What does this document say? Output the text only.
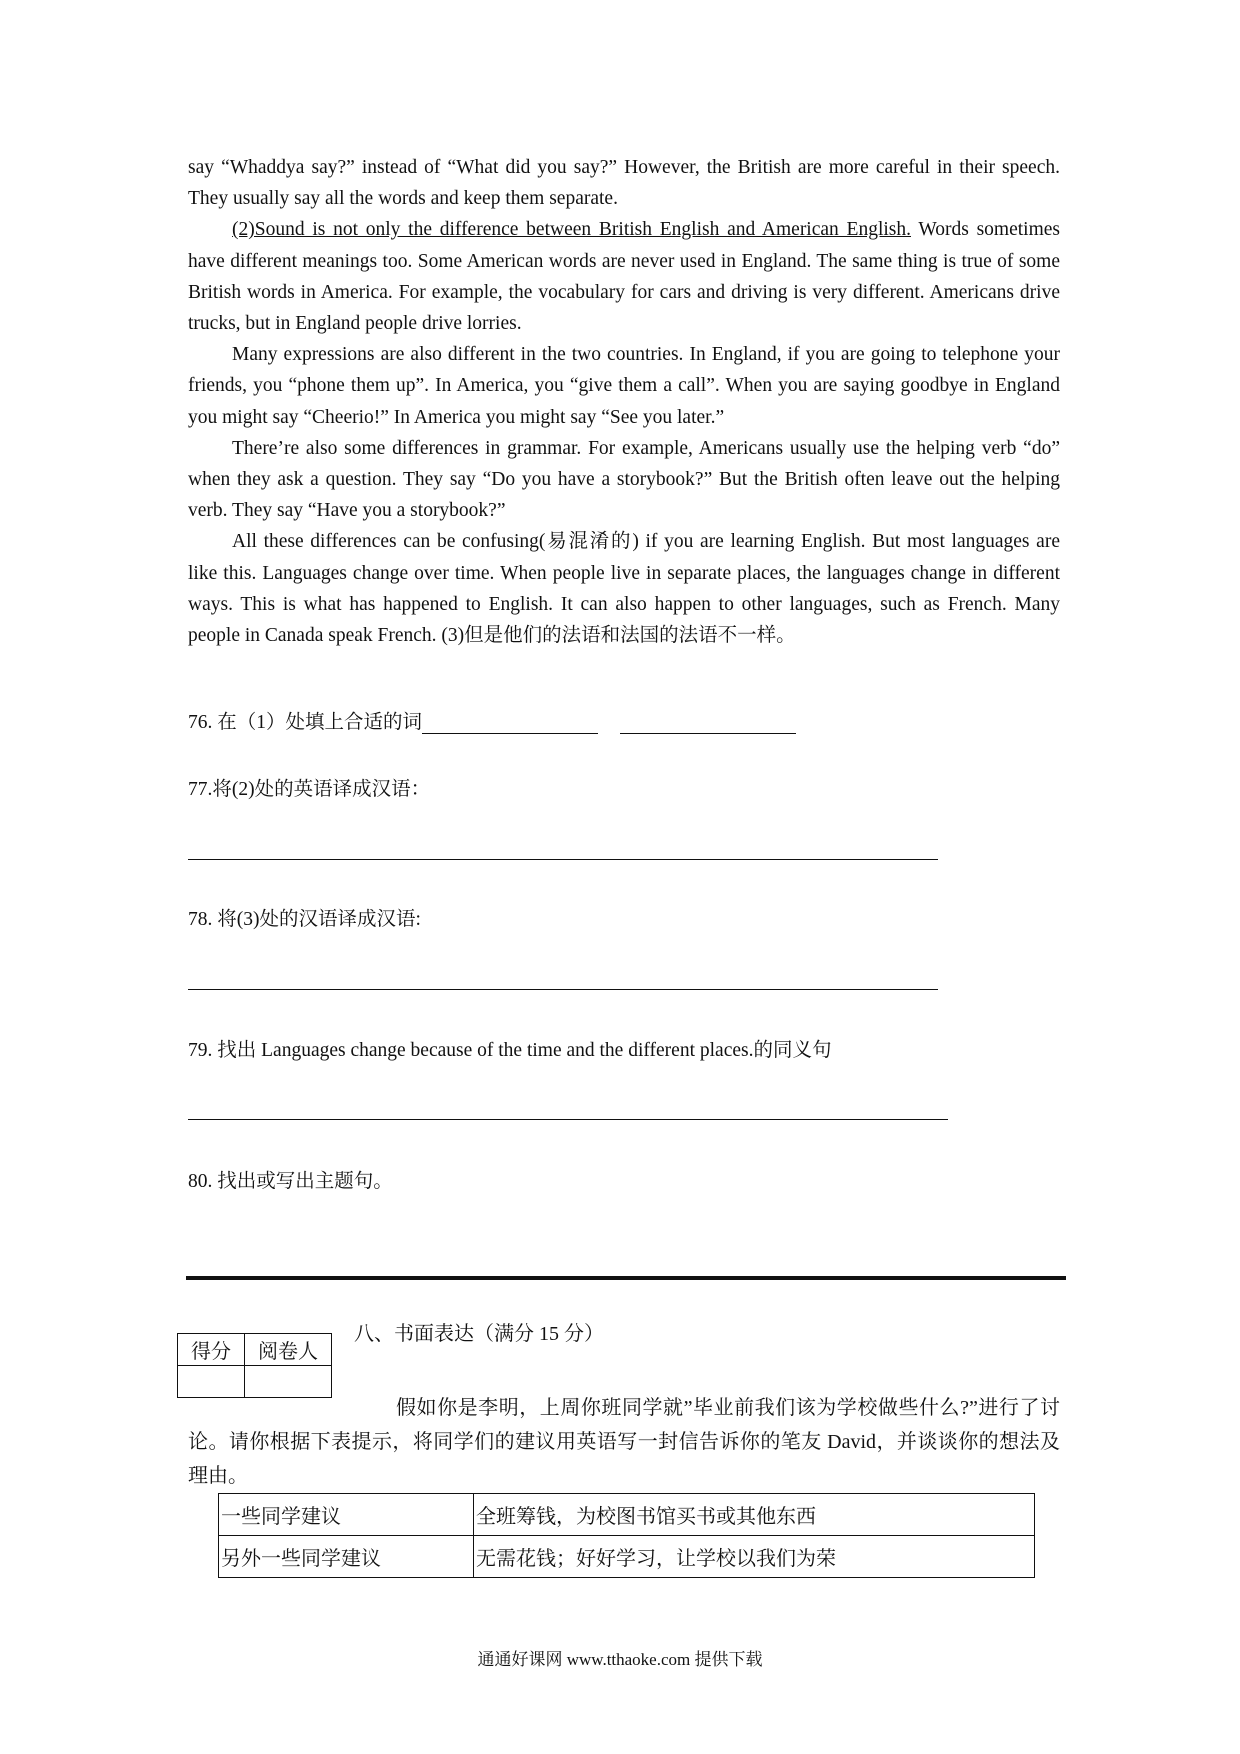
say “Whaddya say?” instead of “What did you say?” However, the British are more careful in their speech. They usually say all the words and keep them separate.

(2)Sound is not only the difference between British English and American English. Words sometimes have different meanings too. Some American words are never used in England. The same thing is true of some British words in America. For example, the vocabulary for cars and driving is very different. Americans drive trucks, but in England people drive lorries.

Many expressions are also different in the two countries. In England, if you are going to telephone your friends, you “phone them up”. In America, you “give them a call”. When you are saying goodbye in England you might say “Cheerio!” In America you might say “See you later.”

There’re also some differences in grammar. For example, Americans usually use the helping verb “do” when they ask a question. They say “Do you have a storybook?” But the British often leave out the helping verb. They say “Have you a storybook?”

All these differences can be confusing(易混淆的) if you are learning English. But most languages are like this. Languages change over time. When people live in separate places, the languages change in different ways. This is what has happened to English. It can also happen to other languages, such as French. Many people in Canada speak French. (3)但是他们的法语和法国的法语不一样。

76. 在（1）处填上合适的词
77.将(2)处的英语译成汉语：
78. 将(3)处的汉语译成汉语:
79. 找出 Languages change because of the time and the different places.的同义句
80. 找出或写出主题句。
得分	阅卷人

八、书面表达（满分 15 分）

假如你是李明，上周你班同学就”毕业前我们该为学校做些什么?”进行了讨论。请你根据下表提示，将同学们的建议用英语写一封信告诉你的笔友 David，并谈谈你的想法及理由。

一些同学建议	全班筹钱，为校图书馆买书或其他东西
另外一些同学建议	无需花钱；好好学习，让学校以我们为荣
通通好课网 www.tthaoke.com 提供下载
